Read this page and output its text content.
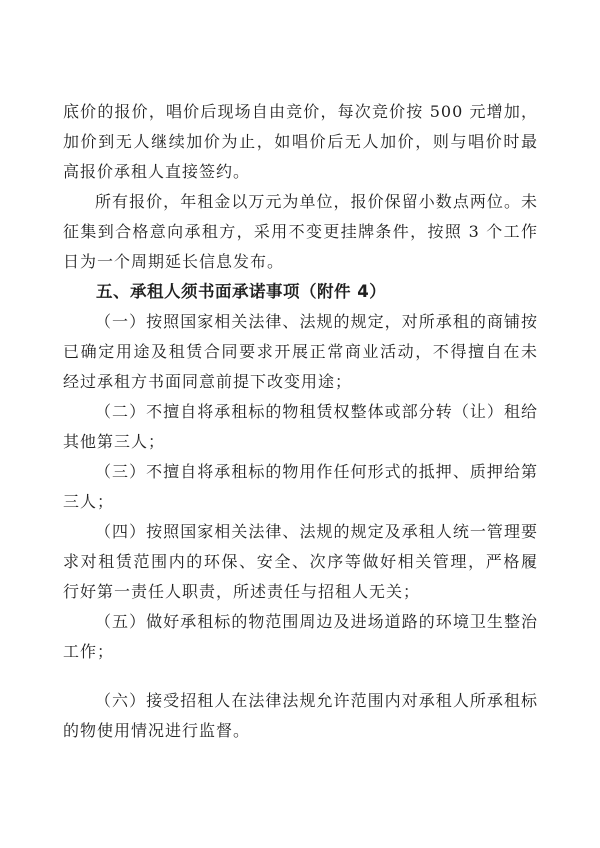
底价的报价，唱价后现场自由竞价，每次竞价按 500 元增加，加价到无人继续加价为止，如唱价后无人加价，则与唱价时最高报价承租人直接签约。

所有报价，年租金以万元为单位，报价保留小数点两位。未征集到合格意向承租方，采用不变更挂牌条件，按照 3 个工作日为一个周期延长信息发布。

五、承租人须书面承诺事项（附件 4）

（一）按照国家相关法律、法规的规定，对所承租的商铺按已确定用途及租赁合同要求开展正常商业活动，不得擅自在未经过承租方书面同意前提下改变用途；

（二）不擅自将承租标的物租赁权整体或部分转（让）租给其他第三人；

（三）不擅自将承租标的物用作任何形式的抵押、质押给第三人；

（四）按照国家相关法律、法规的规定及承租人统一管理要求对租赁范围内的环保、安全、次序等做好相关管理，严格履行好第一责任人职责，所述责任与招租人无关；

（五）做好承租标的物范围周边及进场道路的环境卫生整治工作；

（六）接受招租人在法律法规允许范围内对承租人所承租标的物使用情况进行监督。
